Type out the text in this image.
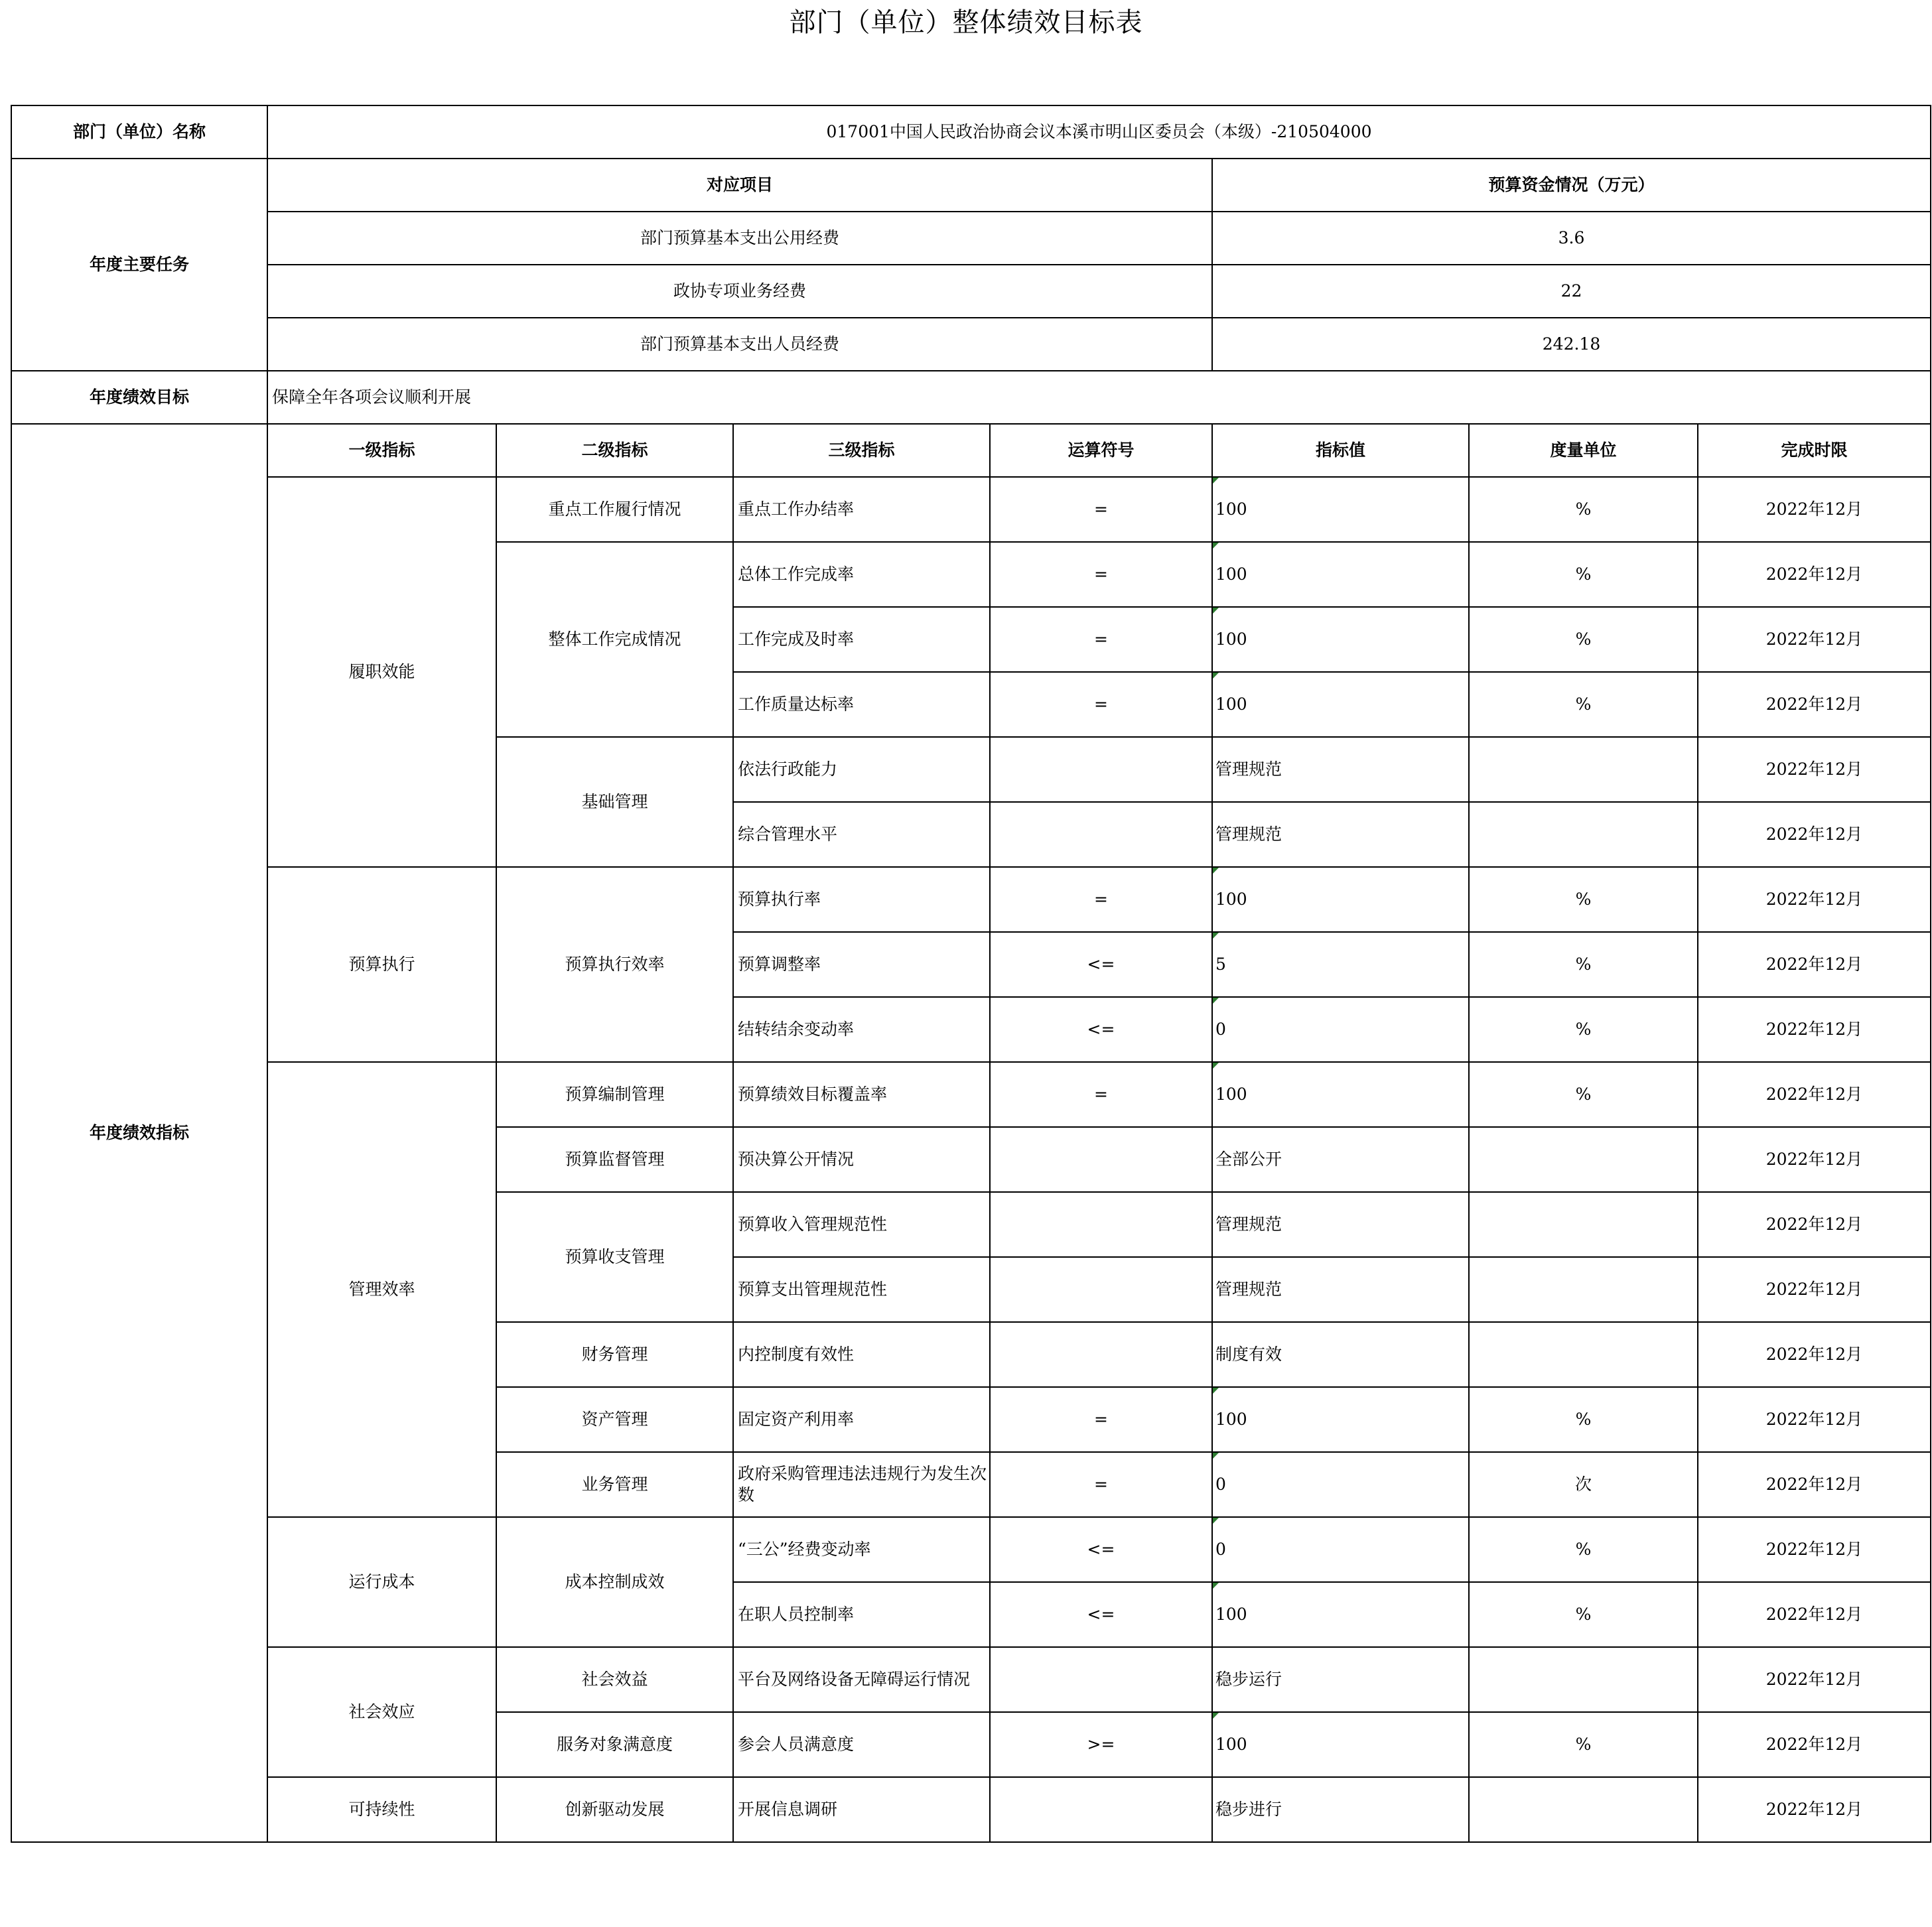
部门（单位）整体绩效目标表
部门（单位）名称	017001中国人民政治协商会议本溪市明山区委员会（本级）-210504000						
年度主要任务	对应项目				预算资金情况（万元）		
	部门预算基本支出公用经费				3.6		
	政协专项业务经费				22		
	部门预算基本支出人员经费				242.18		
年度绩效目标	保障全年各项会议顺利开展						
年度绩效指标	一级指标	二级指标	三级指标	运算符号	指标值	度量单位	完成时限
	履职效能	重点工作履行情况	重点工作办结率	=	100	%	2022年12月
		整体工作完成情况	总体工作完成率	=	100	%	2022年12月
			工作完成及时率	=	100	%	2022年12月
			工作质量达标率	=	100	%	2022年12月
		基础管理	依法行政能力		管理规范		2022年12月
			综合管理水平		管理规范		2022年12月
	预算执行	预算执行效率	预算执行率	=	100	%	2022年12月
			预算调整率	<=	5	%	2022年12月
			结转结余变动率	<=	0	%	2022年12月
	管理效率	预算编制管理	预算绩效目标覆盖率	=	100	%	2022年12月
		预算监督管理	预决算公开情况		全部公开		2022年12月
		预算收支管理	预算收入管理规范性		管理规范		2022年12月
			预算支出管理规范性		管理规范		2022年12月
		财务管理	内控制度有效性		制度有效		2022年12月
		资产管理	固定资产利用率	=	100	%	2022年12月
		业务管理	政府采购管理违法违规行为发生次数	=	0	次	2022年12月
	运行成本	成本控制成效	“三公”经费变动率	<=	0	%	2022年12月
			在职人员控制率	<=	100	%	2022年12月
	社会效应	社会效益	平台及网络设备无障碍运行情况		稳步运行		2022年12月
		服务对象满意度	参会人员满意度	>=	100	%	2022年12月
	可持续性	创新驱动发展	开展信息调研		稳步进行		2022年12月
